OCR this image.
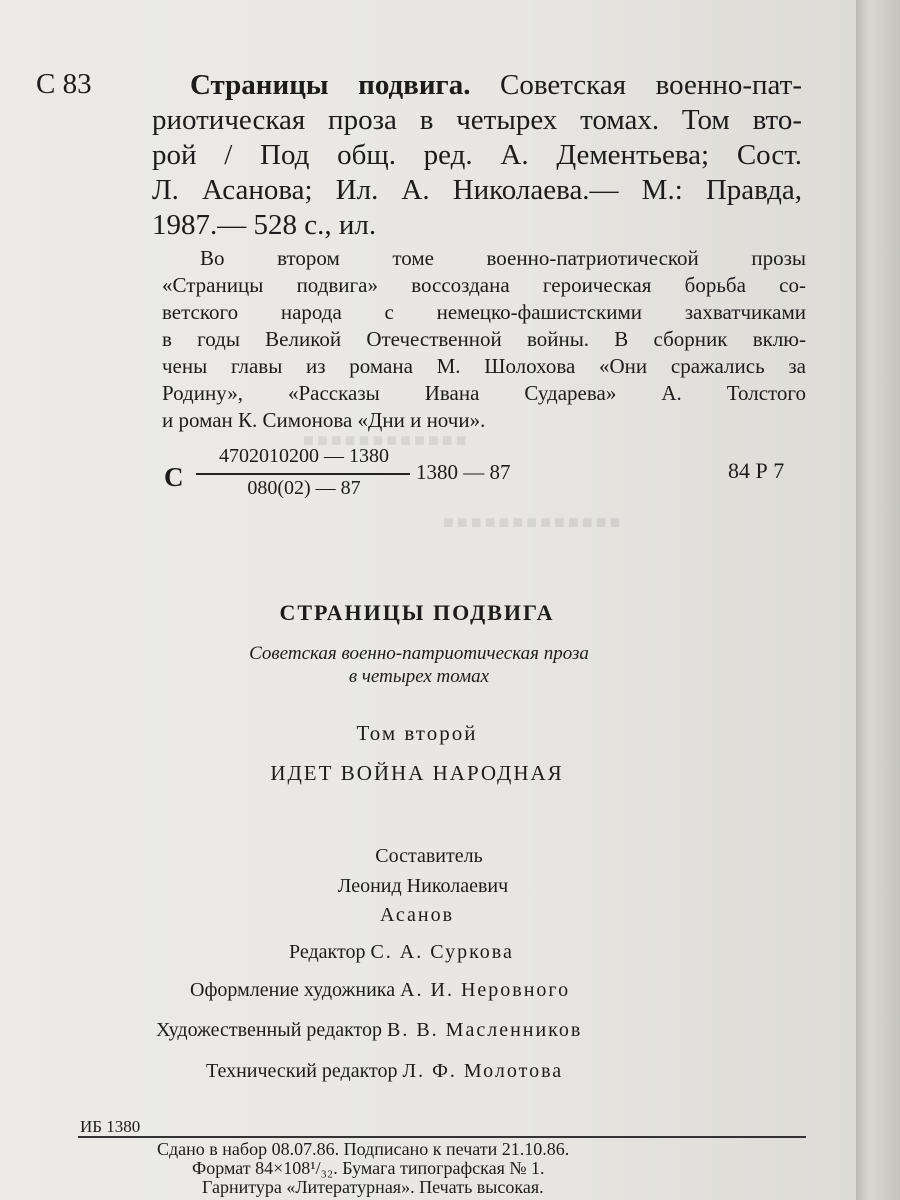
■■■■■■■■■■■■
■■■■■■■■■■■■■
С 83	Страницы подвига. Советская военно-пат-
риотическая проза в четырех томах. Том вто-
рой / Под общ. ред. А. Дементьева; Сост.
Л. Асанова; Ил. А. Николаева.— М.: Правда,
1987.— 528 с., ил.
Во втором томе военно-патриотической прозы
«Страницы подвига» воссоздана героическая борьба со-
ветского народа с немецко-фашистскими захватчиками
в годы Великой Отечественной войны. В сборник вклю-
чены главы из романа М. Шолохова «Они сражались за
Родину», «Рассказы Ивана Сударева» А. Толстого
и роман К. Симонова «Дни и ночи».
С
4702010200 — 1380
080(02) — 87
1380 — 87	84 Р 7
СТРАНИЦЫ ПОДВИГА
Советская военно-патриотическая проза
в четырех томах
Том второй
ИДЕТ ВОЙНА НАРОДНАЯ
Составитель
Леонид Николаевич
Асанов
Редактор С. А. Суркова
Оформление художника А. И. Неровного
Художественный редактор В. В. Масленников
Технический редактор Л. Ф. Молотова
ИБ 1380
Сдано в набор 08.07.86. Подписано к печати 21.10.86.
Формат 84×108¹/₃₂. Бумага типографская № 1.
Гарнитура «Литературная». Печать высокая.
